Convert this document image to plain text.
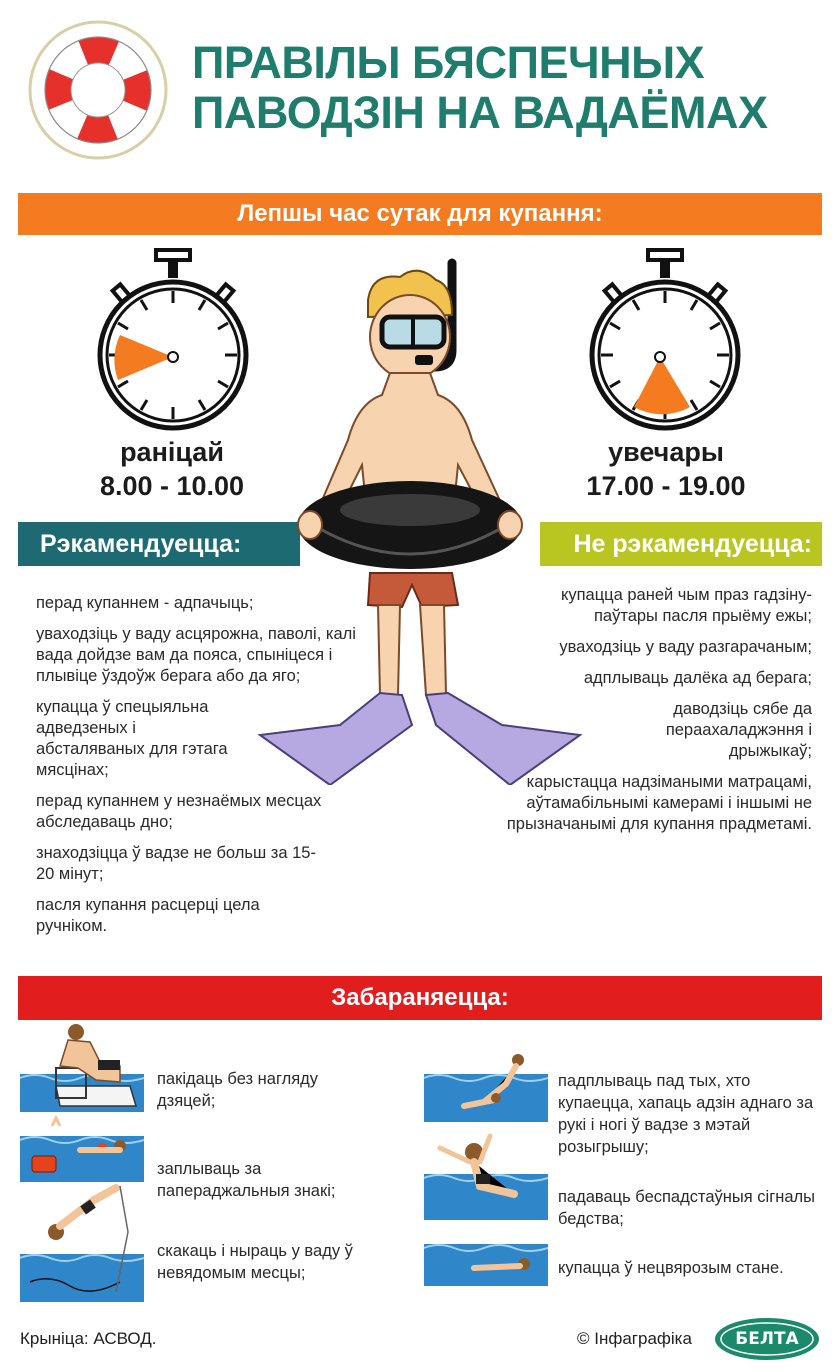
ПРАВІЛЫ БЯСПЕЧНЫХ
ПАВОДЗІН НА ВАДАЁМАХ
Лепшы час сутак для купання:
раніцай
8.00 - 10.00
увечары
17.00 - 19.00
Рэкамендуецца:	Не рэкамендуецца:

перад купаннем - адпачыць;

уваходзіць у ваду асцярожна, паволі, калі вада дойдзе вам да пояса, спыніцеся і плывіце ўздоўж берага або да яго;

купацца ў спецыяльна адведзеных і абсталяваных для гэтага мясцінах;

перад купаннем у незнаёмых месцах абследаваць дно;

знаходзіцца ў вадзе не больш за 15-20 мінут;

пасля купання расцерці цела ручніком.

купацца раней чым праз гадзіну-паўтары пасля прыёму ежы;

уваходзіць у ваду разгарачаным;

адплываць далёка ад берага;

даводзіць сябе да пераахаладжэння і дрыжыкаў;

карыстацца надзімаными матрацамі, аўтамабільнымі камерамі і іншымі не прызначанымі для купання прадметамі.

Забараняецца:
пакідаць без нагляду дзяцей;
заплываць за папераджальныя знакі;
скакаць і ныраць у ваду ў невядомым месцы;
падплываць пад тых, хто купаецца, хапаць адзін аднаго за рукі і ногі ў вадзе з мэтай розыгрышу;
падаваць беспадстаўныя сігналы бедства;
купацца ў нецвярозым стане.
Крыніца: АСВОД.	© Інфаграфіка	БЕЛТА
